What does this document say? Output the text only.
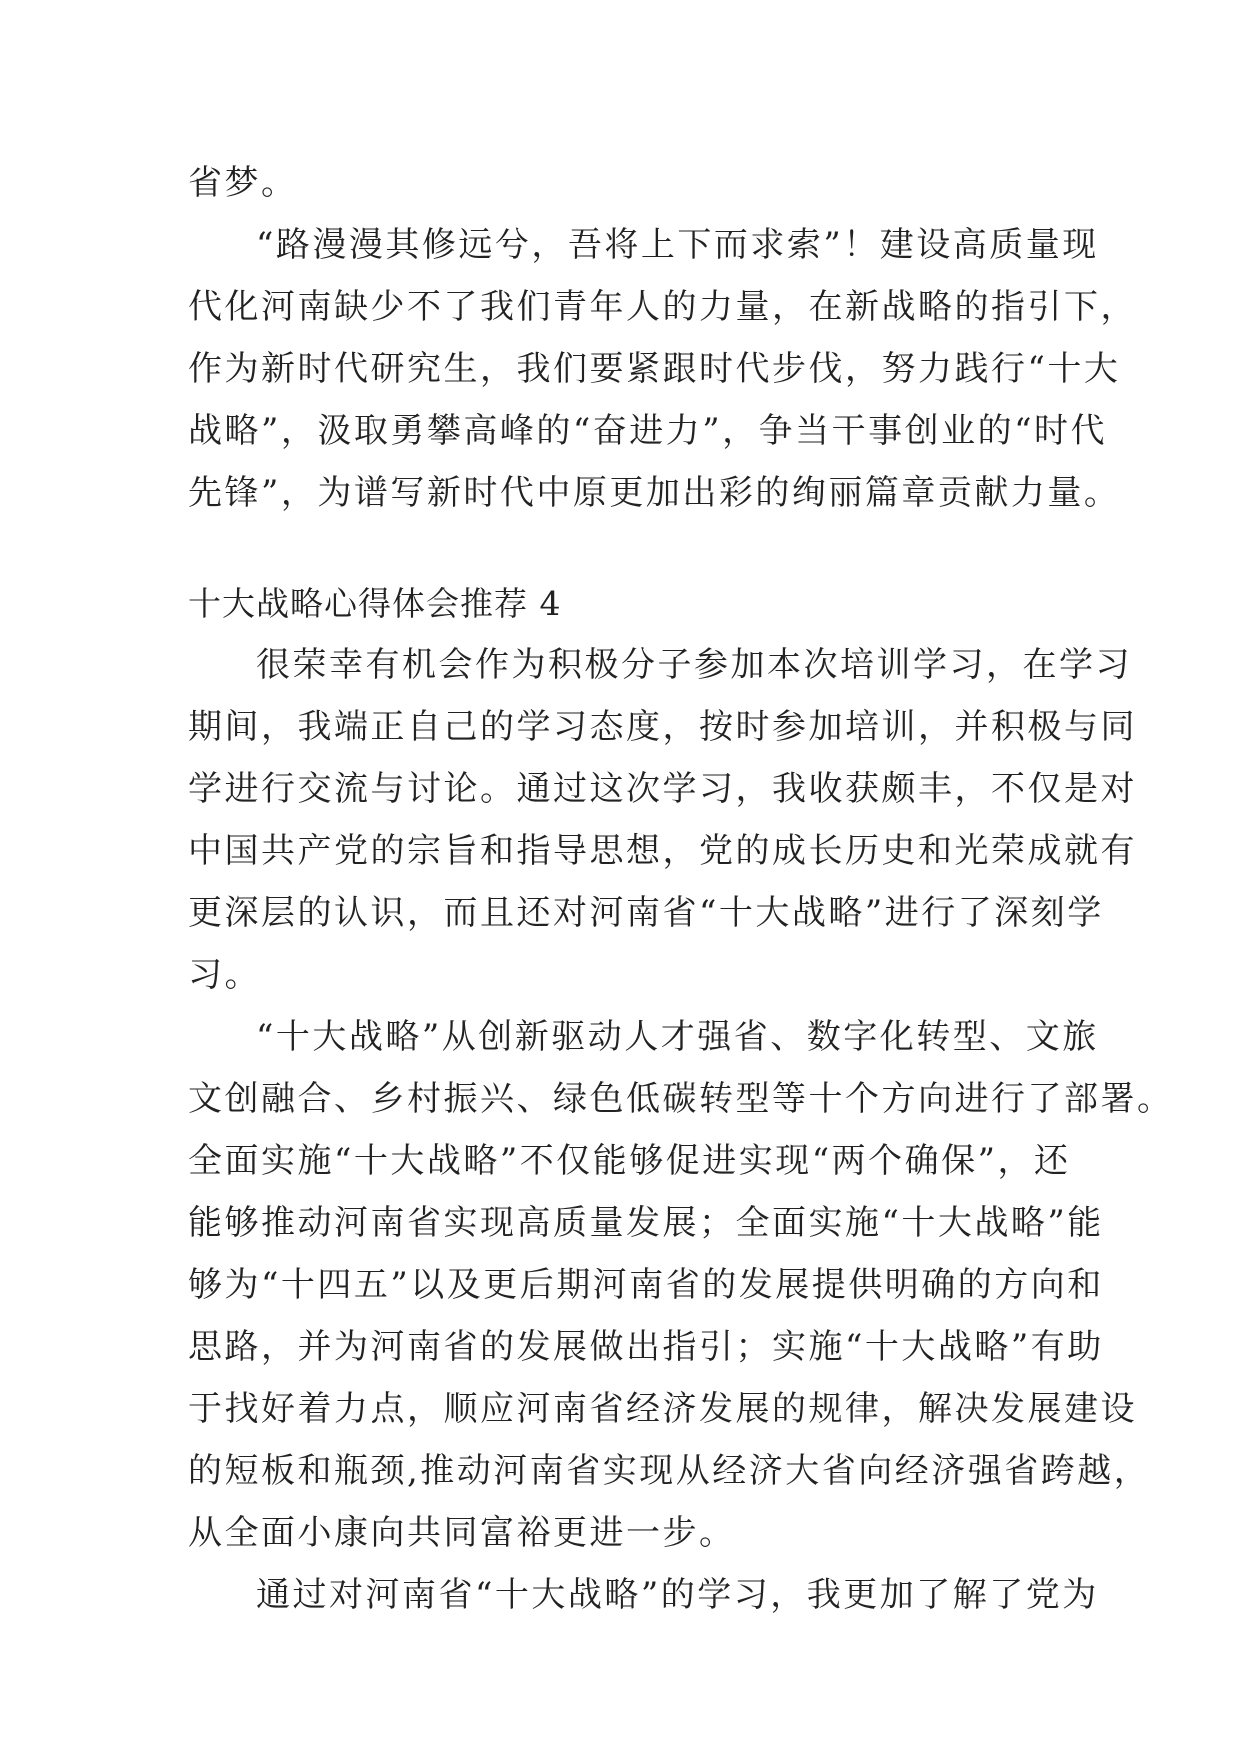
省梦。
“路漫漫其修远兮，吾将上下而求索”！建设高质量现
代化河南缺少不了我们青年人的力量，在新战略的指引下，
作为新时代研究生，我们要紧跟时代步伐，努力践行“十大
战略”，汲取勇攀高峰的“奋进力”，争当干事创业的“时代
先锋”，为谱写新时代中原更加出彩的绚丽篇章贡献力量。
十大战略心得体会推荐 4
很荣幸有机会作为积极分子参加本次培训学习，在学习
期间，我端正自己的学习态度，按时参加培训，并积极与同
学进行交流与讨论。通过这次学习，我收获颇丰，不仅是对
中国共产党的宗旨和指导思想，党的成长历史和光荣成就有
更深层的认识，而且还对河南省“十大战略”进行了深刻学
习。
“十大战略”从创新驱动人才强省、数字化转型、文旅
文创融合、乡村振兴、绿色低碳转型等十个方向进行了部署。
全面实施“十大战略”不仅能够促进实现“两个确保”，还
能够推动河南省实现高质量发展；全面实施“十大战略”能
够为“十四五”以及更后期河南省的发展提供明确的方向和
思路，并为河南省的发展做出指引；实施“十大战略”有助
于找好着力点，顺应河南省经济发展的规律，解决发展建设
的短板和瓶颈,推动河南省实现从经济大省向经济强省跨越，
从全面小康向共同富裕更进一步。
通过对河南省“十大战略”的学习，我更加了解了党为
